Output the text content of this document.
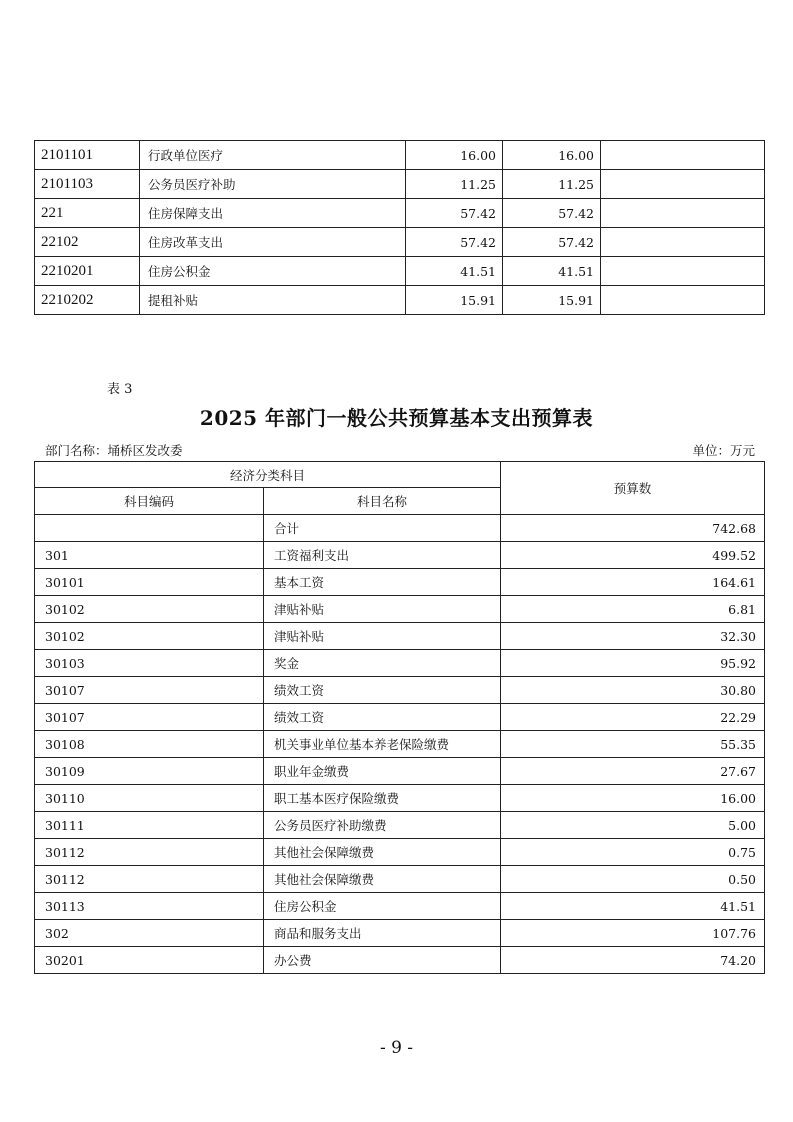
2101101	行政单位医疗	16.00	16.00	
2101103	公务员医疗补助	11.25	11.25	
221	住房保障支出	57.42	57.42	
22102	住房改革支出	57.42	57.42	
2210201	住房公积金	41.51	41.51	
2210202	提租补贴	15.91	15.91	
表 3
2025 年部门一般公共预算基本支出预算表
部门名称：埇桥区发改委	单位：万元
经济分类科目		预算数
科目编码	科目名称	
	合计	742.68
301	工资福利支出	499.52
30101	基本工资	164.61
30102	津贴补贴	6.81
30102	津贴补贴	32.30
30103	奖金	95.92
30107	绩效工资	30.80
30107	绩效工资	22.29
30108	机关事业单位基本养老保险缴费	55.35
30109	职业年金缴费	27.67
30110	职工基本医疗保险缴费	16.00
30111	公务员医疗补助缴费	5.00
30112	其他社会保障缴费	0.75
30112	其他社会保障缴费	0.50
30113	住房公积金	41.51
302	商品和服务支出	107.76
30201	办公费	74.20
- 9 -
